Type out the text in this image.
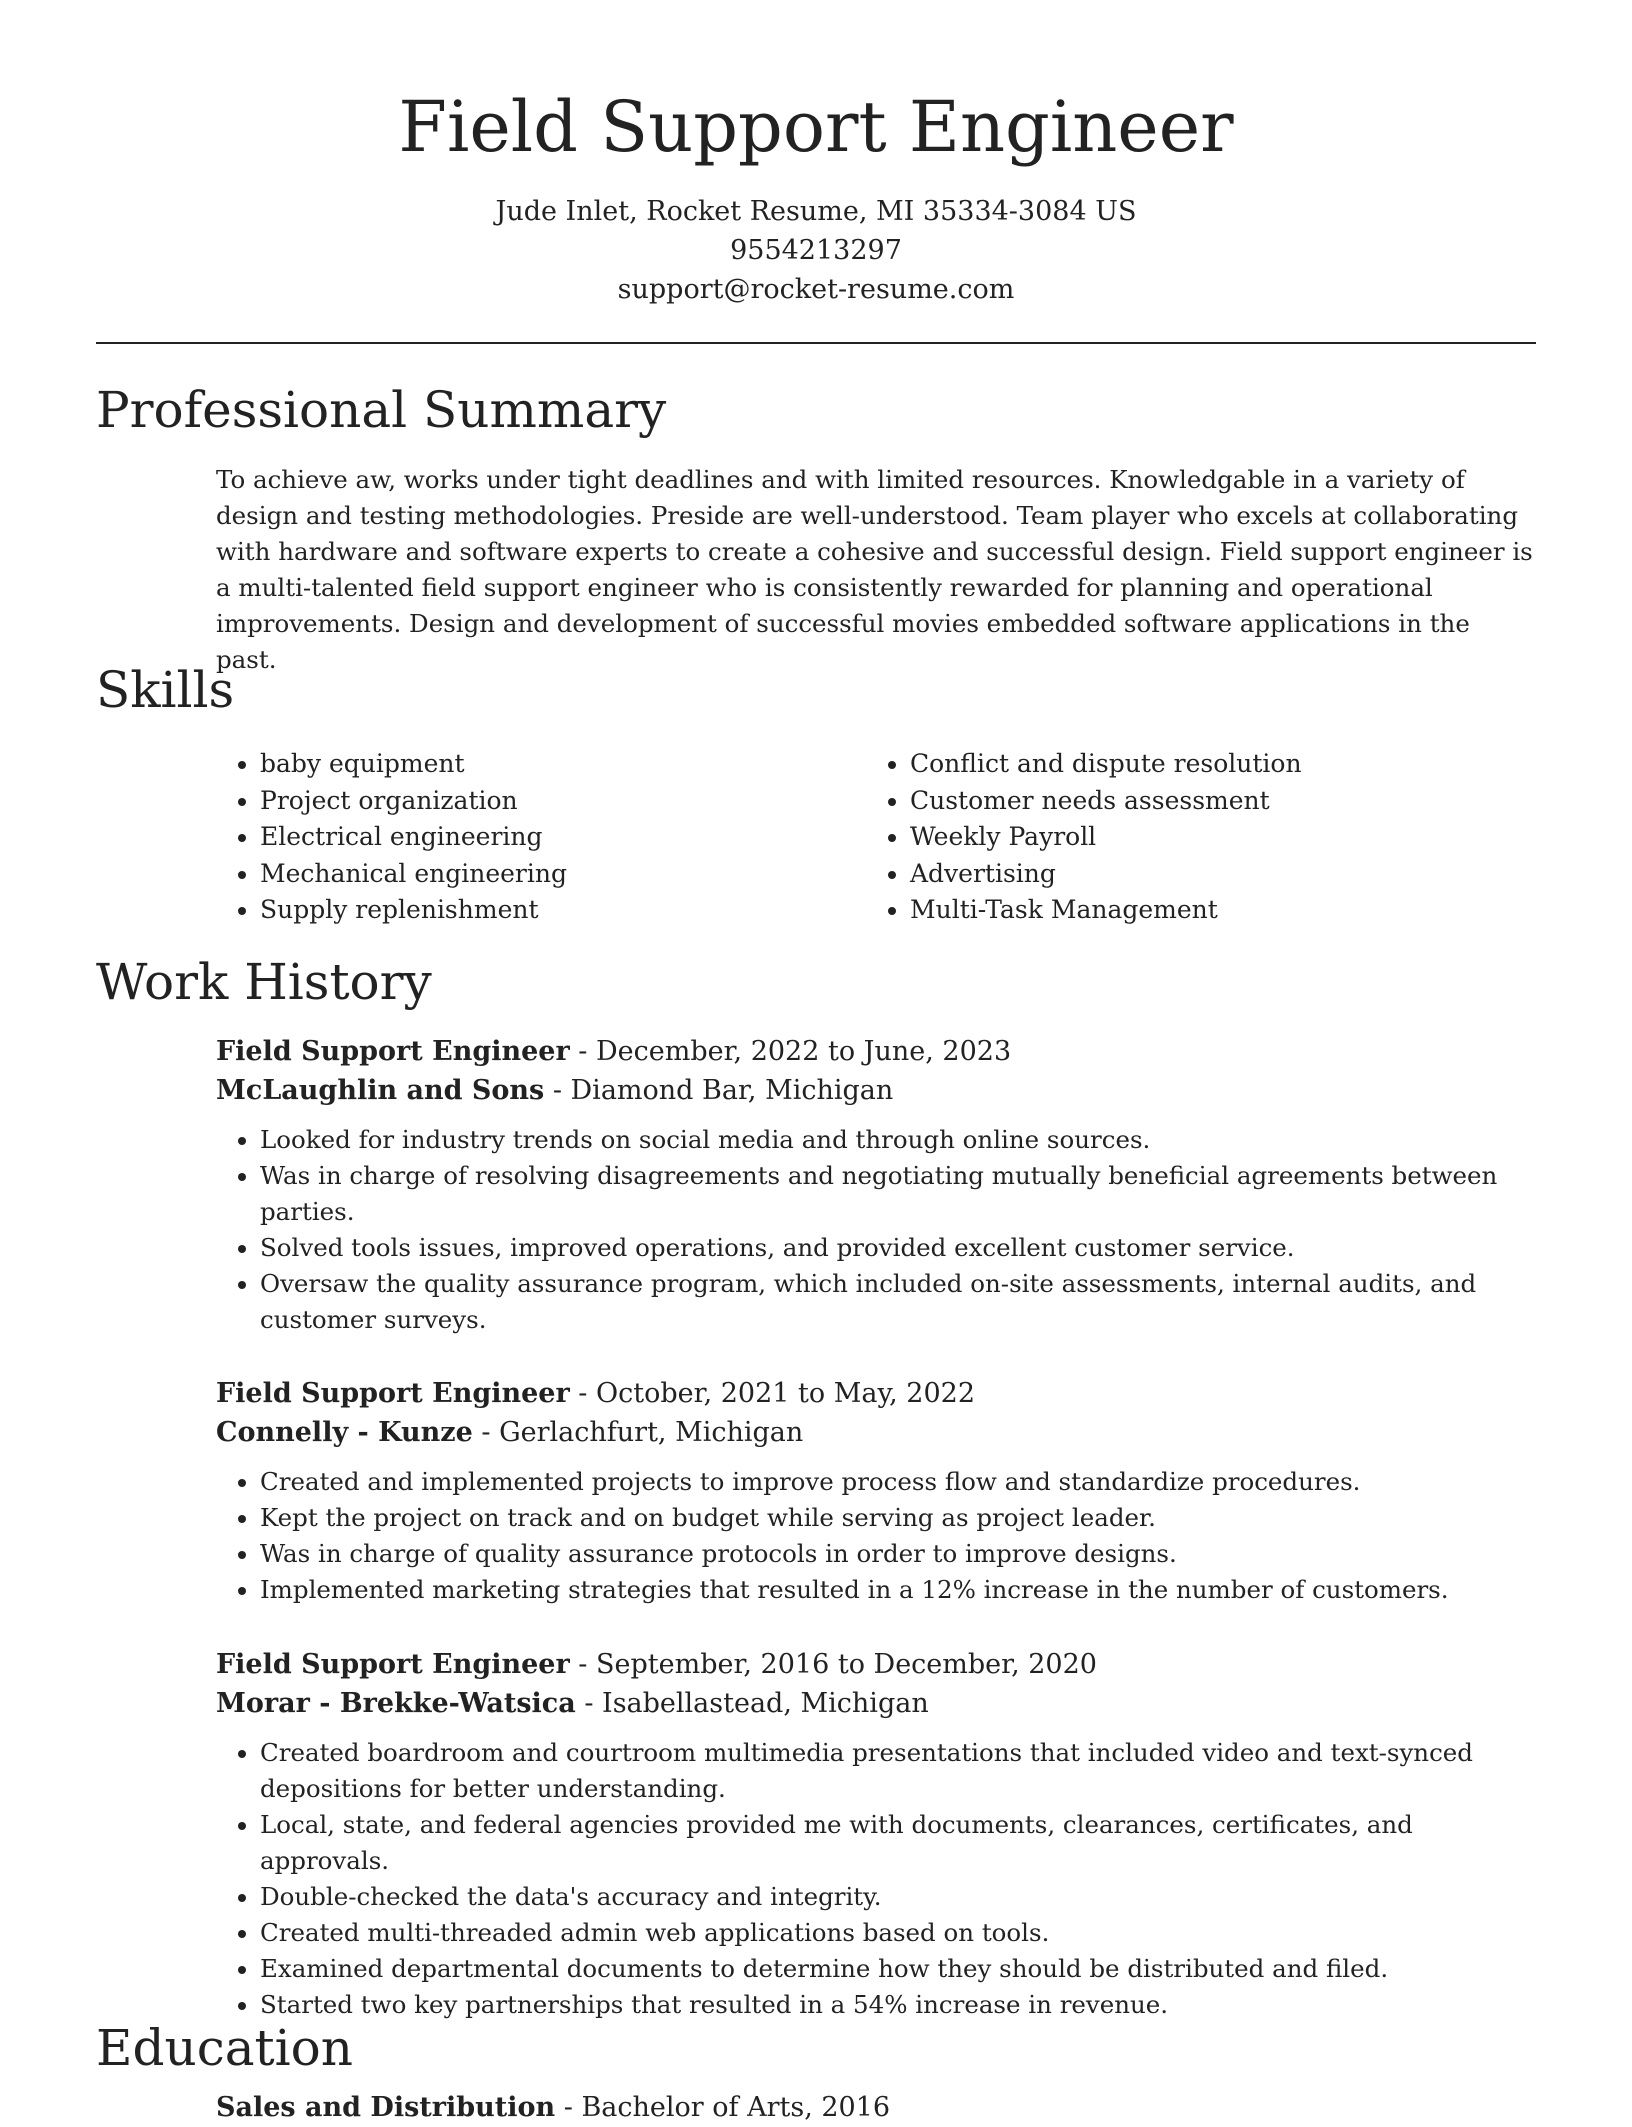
Field Support Engineer
Jude Inlet, Rocket Resume, MI 35334-3084 US
9554213297
support@rocket-resume.com
Professional Summary

To achieve aw, works under tight deadlines and with limited resources. Knowledgable in a variety of design and testing methodologies. Preside are well-understood. Team player who excels at collaborating with hardware and software experts to create a cohesive and successful design. Field support engineer is a multi-talented field support engineer who is consistently rewarded for planning and operational improvements. Design and development of successful movies embedded software applications in the past.

Skills
• baby equipment
• Project organization
• Electrical engineering
• Mechanical engineering
• Supply replenishment
• Conflict and dispute resolution
• Customer needs assessment
• Weekly Payroll
• Advertising
• Multi-Task Management
Work History
Field Support Engineer - December, 2022 to June, 2023
McLaughlin and Sons - Diamond Bar, Michigan
• Looked for industry trends on social media and through online sources.
• Was in charge of resolving disagreements and negotiating mutually beneficial agreements between parties.
• Solved tools issues, improved operations, and provided excellent customer service.
• Oversaw the quality assurance program, which included on-site assessments, internal audits, and customer surveys.
Field Support Engineer - October, 2021 to May, 2022
Connelly - Kunze - Gerlachfurt, Michigan
• Created and implemented projects to improve process flow and standardize procedures.
• Kept the project on track and on budget while serving as project leader.
• Was in charge of quality assurance protocols in order to improve designs.
• Implemented marketing strategies that resulted in a 12% increase in the number of customers.
Field Support Engineer - September, 2016 to December, 2020
Morar - Brekke-Watsica - Isabellastead, Michigan
• Created boardroom and courtroom multimedia presentations that included video and text-synced depositions for better understanding.
• Local, state, and federal agencies provided me with documents, clearances, certificates, and approvals.
• Double-checked the data's accuracy and integrity.
• Created multi-threaded admin web applications based on tools.
• Examined departmental documents to determine how they should be distributed and filed.
• Started two key partnerships that resulted in a 54% increase in revenue.
Education
Sales and Distribution - Bachelor of Arts, 2016
